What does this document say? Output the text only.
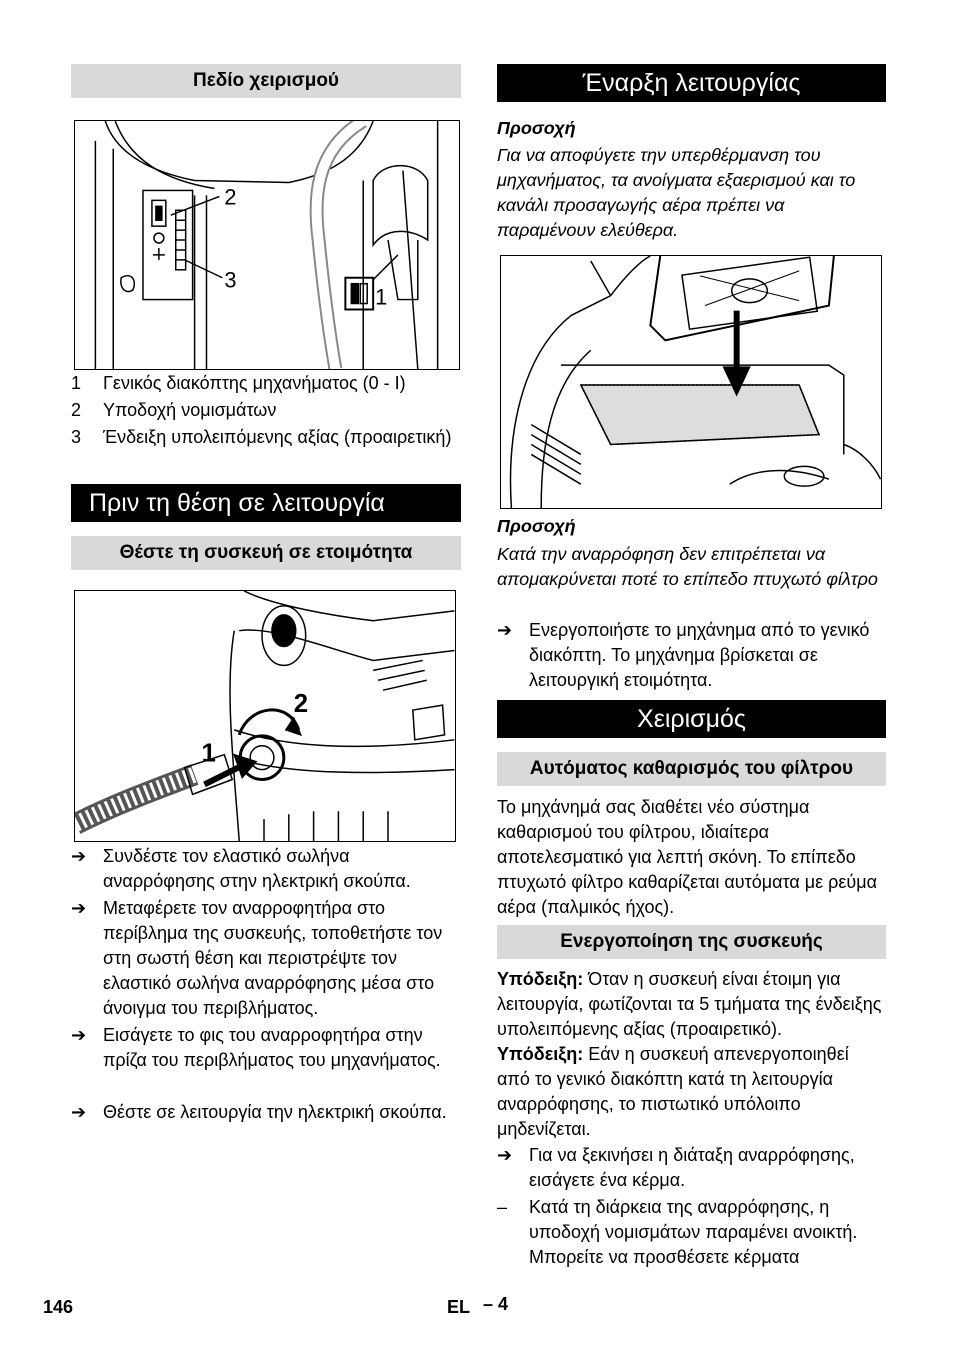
Πεδίο χειρισμού
2
3
1
1 Γενικός διακόπτης μηχανήματος (0 - I)
2 Υποδοχή νομισμάτων
3 Ένδειξη υπολειπόμενης αξίας (προαιρετική)
Πριν τη θέση σε λειτουργία
Θέστε τη συσκευή σε ετοιμότητα
1
2
➔ Συνδέστε τον ελαστικό σωλήνα αναρρόφησης στην ηλεκτρική σκούπα.
➔ Μεταφέρετε τον αναρροφητήρα στο περίβλημα της συσκευής, τοποθετήστε τον στη σωστή θέση και περιστρέψτε τον ελαστικό σωλήνα αναρρόφησης μέσα στο άνοιγμα του περιβλήματος.
➔ Εισάγετε το φις του αναρροφητήρα στην πρίζα του περιβλήματος του μηχανήματος.
➔ Θέστε σε λειτουργία την ηλεκτρική σκούπα.
Έναρξη λειτουργίας
Προσοχή
Για να αποφύγετε την υπερθέρμανση του μηχανήματος, τα ανοίγματα εξαερισμού και το κανάλι προσαγωγής αέρα πρέπει να παραμένουν ελεύθερα.
Προσοχή
Κατά την αναρρόφηση δεν επιτρέπεται να απομακρύνεται ποτέ το επίπεδο πτυχωτό φίλτρο
➔ Ενεργοποιήστε το μηχάνημα από το γενικό διακόπτη. Το μηχάνημα βρίσκεται σε λειτουργική ετοιμότητα.
Χειρισμός
Αυτόματος καθαρισμός του φίλτρου
Το μηχάνημά σας διαθέτει νέο σύστημα καθαρισμού του φίλτρου, ιδιαίτερα αποτελεσματικό για λεπτή σκόνη. Το επίπεδο πτυχωτό φίλτρο καθαρίζεται αυτόματα με ρεύμα αέρα (παλμικός ήχος).
Ενεργοποίηση της συσκευής
Υπόδειξη: Όταν η συσκευή είναι έτοιμη για λειτουργία, φωτίζονται τα 5 τμήματα της ένδειξης υπολειπόμενης αξίας (προαιρετικό).
Υπόδειξη: Εάν η συσκευή απενεργοποιηθεί από το γενικό διακόπτη κατά τη λειτουργία αναρρόφησης, το πιστωτικό υπόλοιπο μηδενίζεται.
➔ Για να ξεκινήσει η διάταξη αναρρόφησης, εισάγετε ένα κέρμα.
– Κατά τη διάρκεια της αναρρόφησης, η υποδοχή νομισμάτων παραμένει ανοικτή. Μπορείτε να προσθέσετε κέρματα
146	EL – 4
